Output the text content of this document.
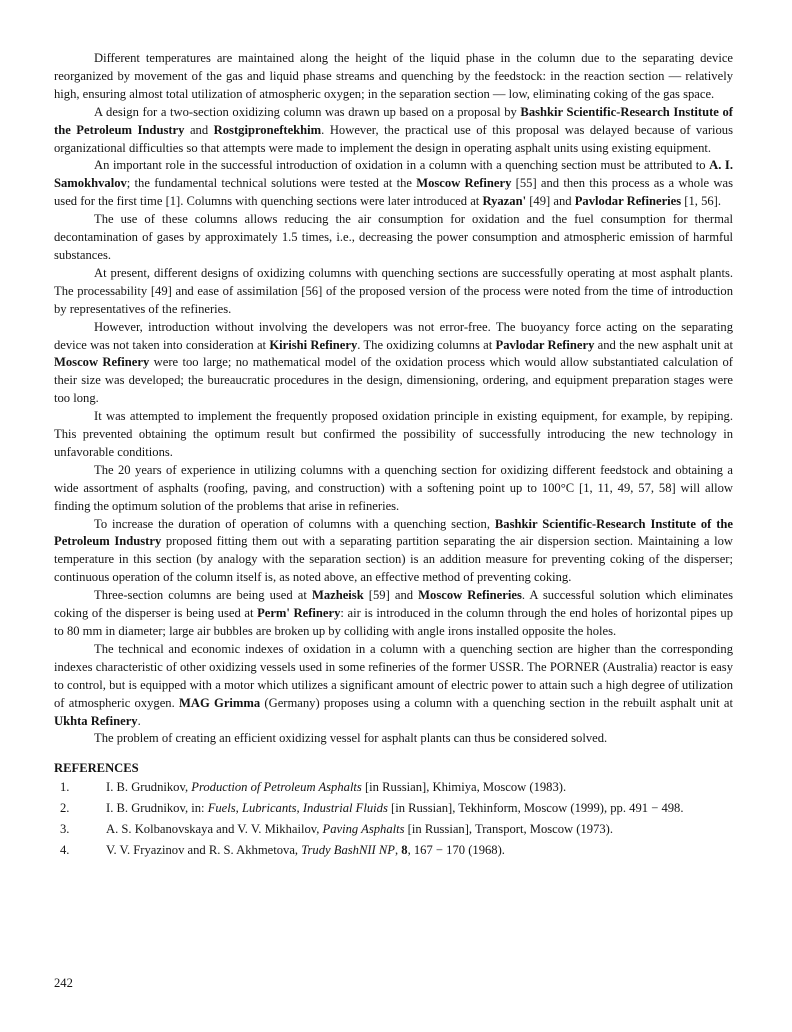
Different temperatures are maintained along the height of the liquid phase in the column due to the separating device reorganized by movement of the gas and liquid phase streams and quenching by the feedstock: in the reaction section — relatively high, ensuring almost total utilization of atmospheric oxygen; in the separation section — low, eliminating coking of the gas space.

A design for a two-section oxidizing column was drawn up based on a proposal by Bashkir Scientific-Research Institute of the Petroleum Industry and Rostgiproneftekhim. However, the practical use of this proposal was delayed because of various organizational difficulties so that attempts were made to implement the design in operating asphalt units using existing equipment.

An important role in the successful introduction of oxidation in a column with a quenching section must be attributed to A. I. Samokhvalov; the fundamental technical solutions were tested at the Moscow Refinery [55] and then this process as a whole was used for the first time [1]. Columns with quenching sections were later introduced at Ryazan' [49] and Pavlodar Refineries [1, 56].

The use of these columns allows reducing the air consumption for oxidation and the fuel consumption for thermal decontamination of gases by approximately 1.5 times, i.e., decreasing the power consumption and atmospheric emission of harmful substances.

At present, different designs of oxidizing columns with quenching sections are successfully operating at most asphalt plants. The processability [49] and ease of assimilation [56] of the proposed version of the process were noted from the time of introduction by representatives of the refineries.

However, introduction without involving the developers was not error-free. The buoyancy force acting on the separating device was not taken into consideration at Kirishi Refinery. The oxidizing columns at Pavlodar Refinery and the new asphalt unit at Moscow Refinery were too large; no mathematical model of the oxidation process which would allow substantiated calculation of their size was developed; the bureaucratic procedures in the design, dimensioning, ordering, and equipment preparation stages were too long.

It was attempted to implement the frequently proposed oxidation principle in existing equipment, for example, by repiping. This prevented obtaining the optimum result but confirmed the possibility of successfully introducing the new technology in unfavorable conditions.

The 20 years of experience in utilizing columns with a quenching section for oxidizing different feedstock and obtaining a wide assortment of asphalts (roofing, paving, and construction) with a softening point up to 100°C [1, 11, 49, 57, 58] will allow finding the optimum solution of the problems that arise in refineries.

To increase the duration of operation of columns with a quenching section, Bashkir Scientific-Research Institute of the Petroleum Industry proposed fitting them out with a separating partition separating the air dispersion section. Maintaining a low temperature in this section (by analogy with the separation section) is an addition measure for preventing coking of the disperser; continuous operation of the column itself is, as noted above, an effective method of preventing coking.

Three-section columns are being used at Mazheisk [59] and Moscow Refineries. A successful solution which eliminates coking of the disperser is being used at Perm' Refinery: air is introduced in the column through the end holes of horizontal pipes up to 80 mm in diameter; large air bubbles are broken up by colliding with angle irons installed opposite the holes.

The technical and economic indexes of oxidation in a column with a quenching section are higher than the corresponding indexes characteristic of other oxidizing vessels used in some refineries of the former USSR. The PORNER (Australia) reactor is easy to control, but is equipped with a motor which utilizes a significant amount of electric power to attain such a high degree of utilization of atmospheric oxygen. MAG Grimma (Germany) proposes using a column with a quenching section in the rebuilt asphalt unit at Ukhta Refinery.

The problem of creating an efficient oxidizing vessel for asphalt plants can thus be considered solved.

REFERENCES
1.	I. B. Grudnikov, Production of Petroleum Asphalts [in Russian], Khimiya, Moscow (1983).
2.	I. B. Grudnikov, in: Fuels, Lubricants, Industrial Fluids [in Russian], Tekhinform, Moscow (1999), pp. 491 − 498.
3.	A. S. Kolbanovskaya and V. V. Mikhailov, Paving Asphalts [in Russian], Transport, Moscow (1973).
4.	V. V. Fryazinov and R. S. Akhmetova, Trudy BashNII NP, 8, 167 − 170 (1968).
242
